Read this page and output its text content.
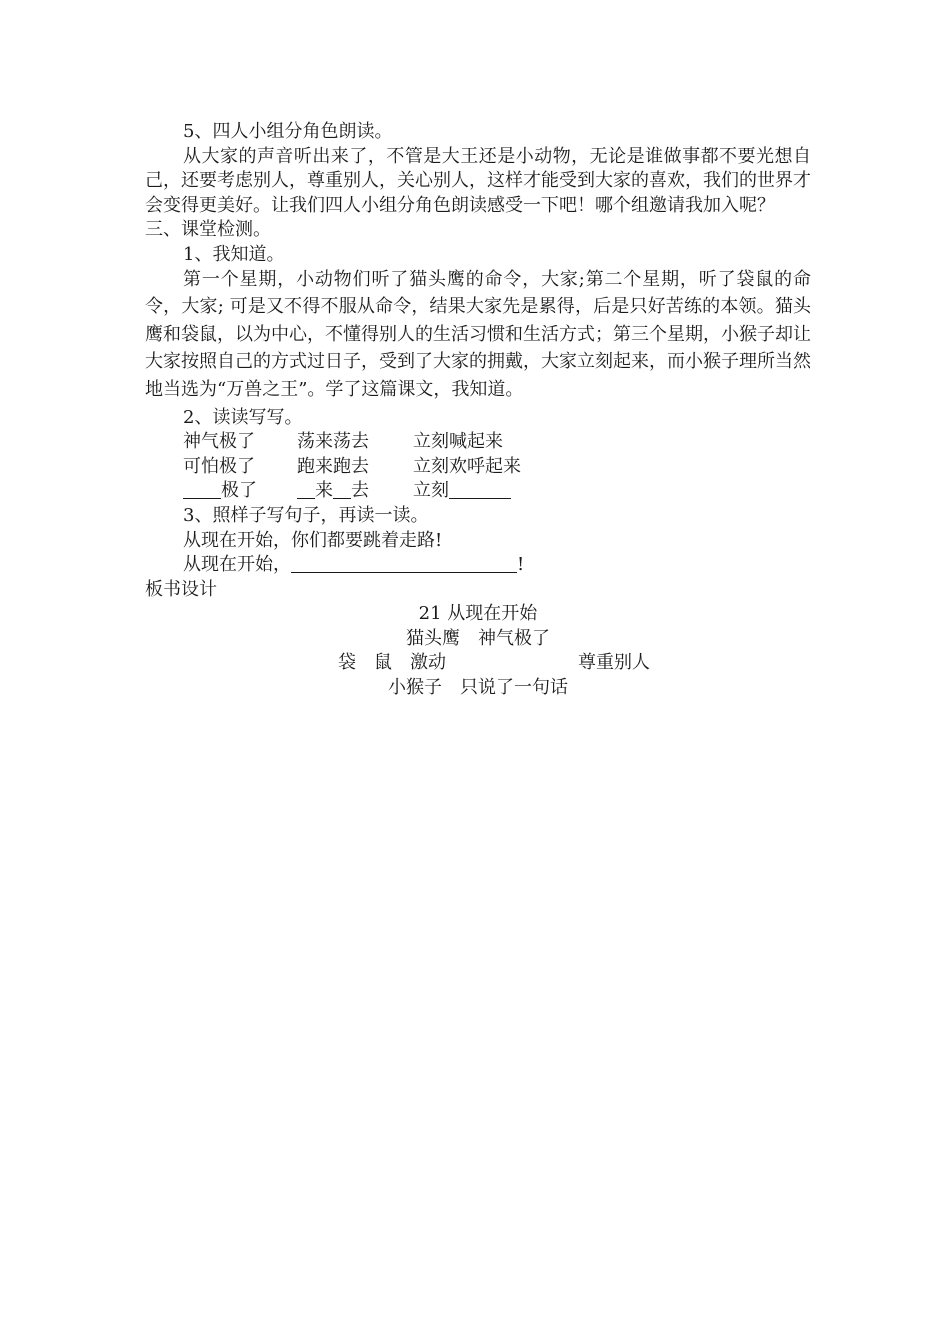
5、四人小组分角色朗读。
从大家的声音听出来了，不管是大王还是小动物，无论是谁做事都不要光想自己，还要考虑别人，尊重别人，关心别人，这样才能受到大家的喜欢，我们的世界才会变得更美好。让我们四人小组分角色朗读感受一下吧！哪个组邀请我加入呢？
三、课堂检测。
1、我知道。
第一个星期，小动物们听了猫头鹰的命令，大家;第二个星期，听了袋鼠的命令，大家; 可是又不得不服从命令，结果大家先是累得，后是只好苦练的本领。猫头鹰和袋鼠，以为中心，不懂得别人的生活习惯和生活方式；第三个星期，小猴子却让大家按照自己的方式过日子，受到了大家的拥戴，大家立刻起来，而小猴子理所当然地当选为“万兽之王”。学了这篇课文，我知道。
2、读读写写。
神气极了	荡来荡去	立刻喊起来
可怕极了	跑来跑去	立刻欢呼起来
极了	来 去	立刻
3、照样子写句子，再读一读。
从现在开始，你们都要跳着走路!
从现在开始，	!
板书设计
21 从现在开始
猫头鹰　神气极了
袋　鼠　激动	尊重别人
小猴子　只说了一句话
